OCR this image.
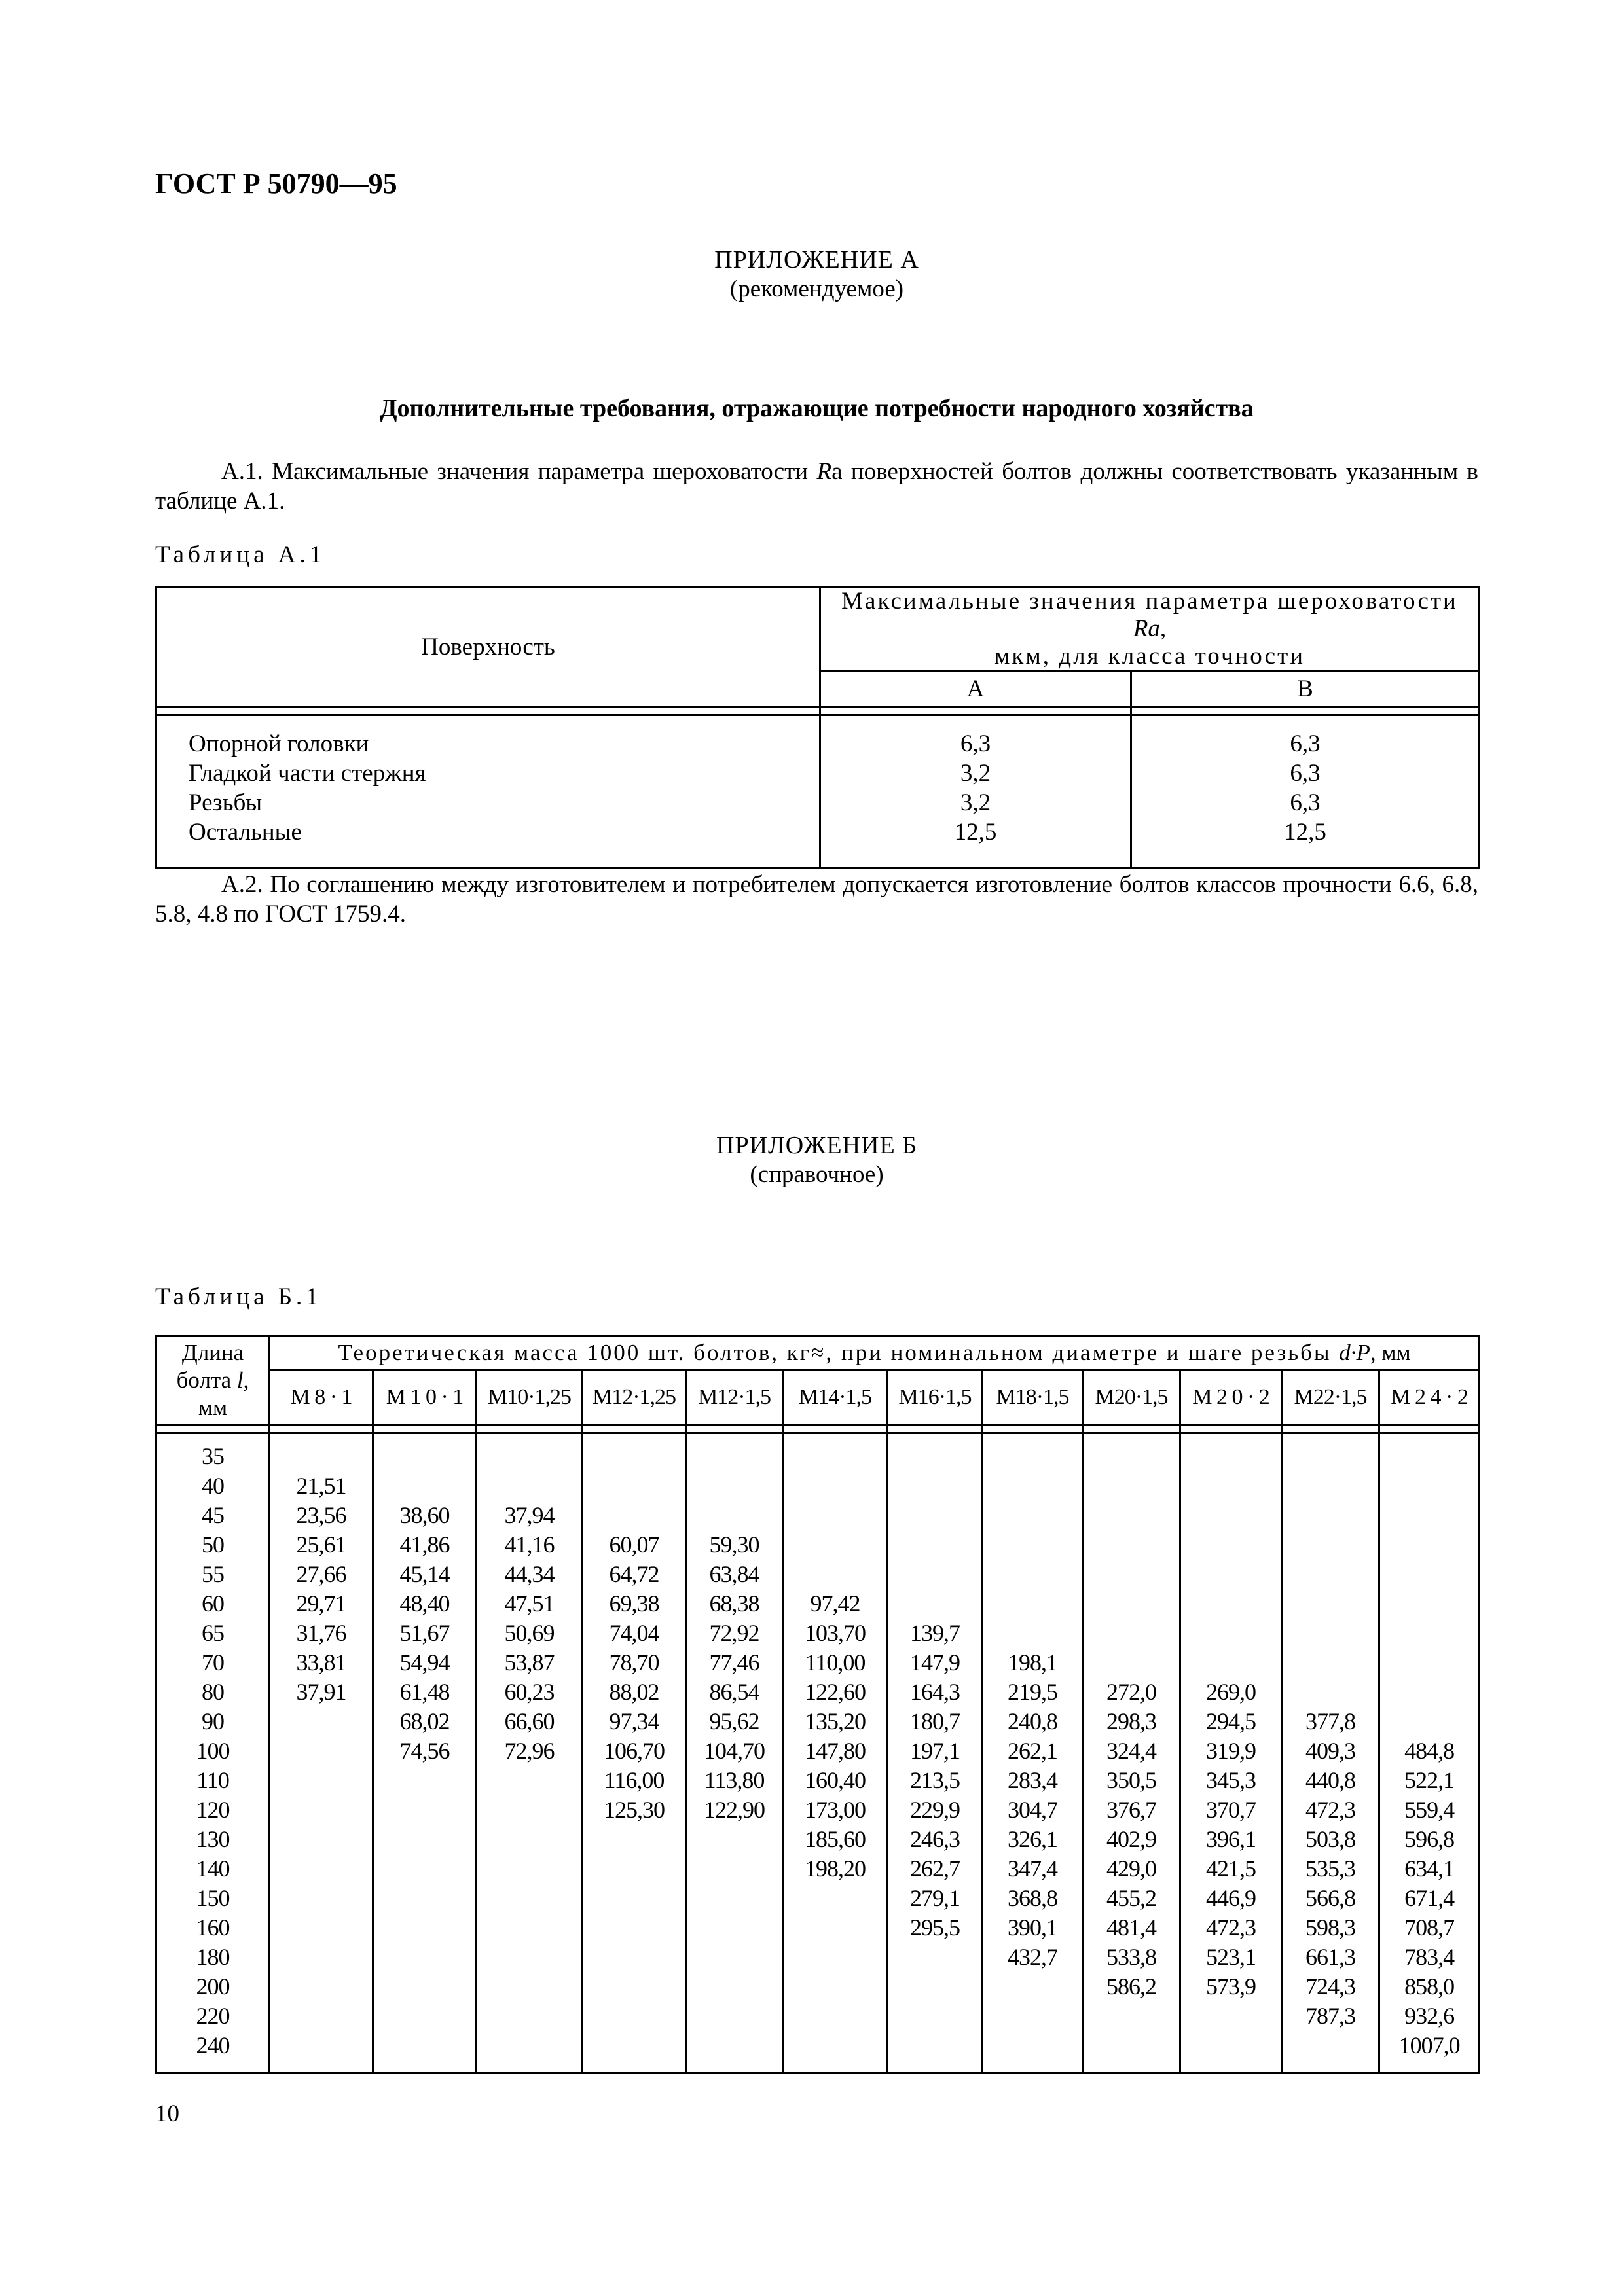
ГОСТ Р 50790—95
ПРИЛОЖЕНИЕ А
(рекомендуемое)
Дополнительные требования, отражающие потребности народного хозяйства
А.1. Максимальные значения параметра шероховатости Ra поверхностей болтов должны соответствовать указанным в таблице А.1.
Таблица А.1
Поверхность	Максимальные значения параметра шероховатости Ra,
мкм, для класса точности	
	А	В

Опорной головки	6,3	6,3
Гладкой части стержня	3,2	6,3
Резьбы	3,2	6,3
Остальные	12,5	12,5
А.2. По соглашению между изготовителем и потребителем допускается изготовление болтов классов прочности 6.6, 6.8, 5.8, 4.8 по ГОСТ 1759.4.
ПРИЛОЖЕНИЕ Б
(справочное)
Таблица Б.1
Длина
болта l,
мм	Теоретическая масса 1000 шт. болтов, кг≈, при номинальном диаметре и шаге резьбы d·P, мм											
	М 8 · 1	М 1 0 · 1	М10·1,25	М12·1,25	М12·1,5	М14·1,5	М16·1,5	М18·1,5	М20·1,5	М 2 0 · 2	М22·1,5	М 2 4 · 2

35												
40	21,51											
45	23,56	38,60	37,94									
50	25,61	41,86	41,16	60,07	59,30							
55	27,66	45,14	44,34	64,72	63,84							
60	29,71	48,40	47,51	69,38	68,38	97,42						
65	31,76	51,67	50,69	74,04	72,92	103,70	139,7					
70	33,81	54,94	53,87	78,70	77,46	110,00	147,9	198,1				
80	37,91	61,48	60,23	88,02	86,54	122,60	164,3	219,5	272,0	269,0		
90		68,02	66,60	97,34	95,62	135,20	180,7	240,8	298,3	294,5	377,8	
100		74,56	72,96	106,70	104,70	147,80	197,1	262,1	324,4	319,9	409,3	484,8
110				116,00	113,80	160,40	213,5	283,4	350,5	345,3	440,8	522,1
120				125,30	122,90	173,00	229,9	304,7	376,7	370,7	472,3	559,4
130						185,60	246,3	326,1	402,9	396,1	503,8	596,8
140						198,20	262,7	347,4	429,0	421,5	535,3	634,1
150							279,1	368,8	455,2	446,9	566,8	671,4
160							295,5	390,1	481,4	472,3	598,3	708,7
180								432,7	533,8	523,1	661,3	783,4
200									586,2	573,9	724,3	858,0
220											787,3	932,6
240												1007,0
10
